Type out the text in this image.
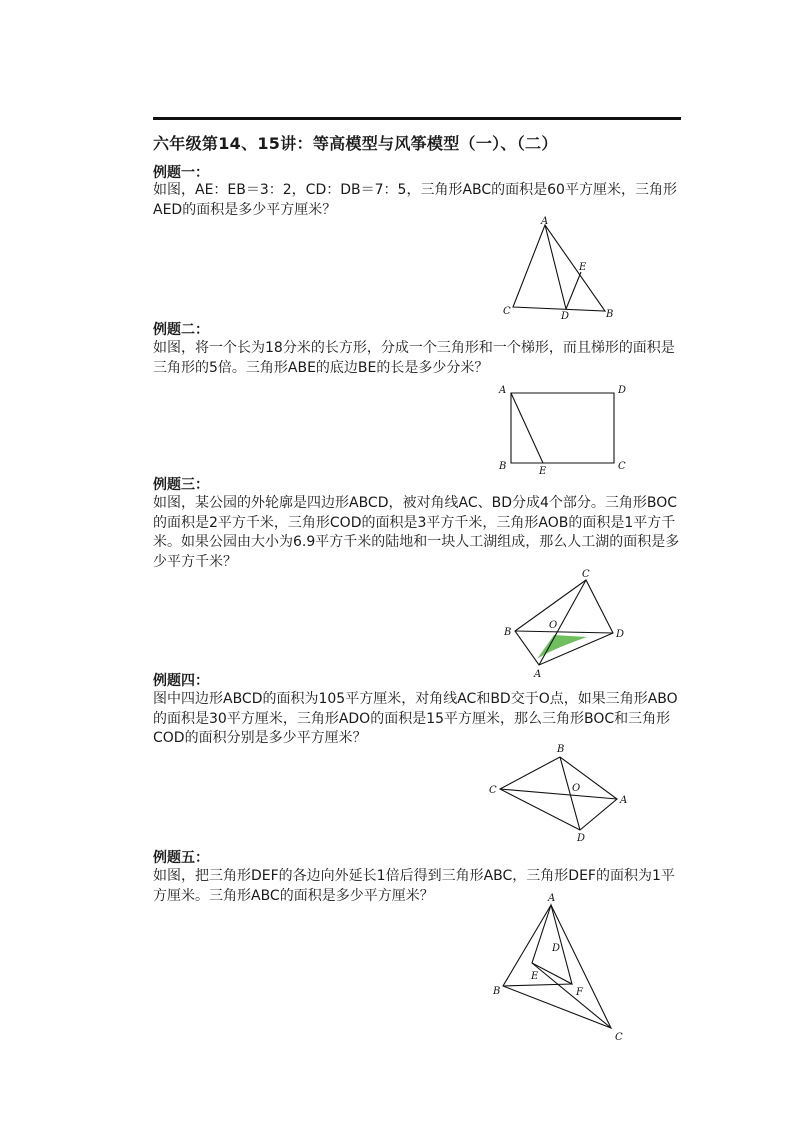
六年级第14、15讲：等高模型与风筝模型（一）、（二）
例题一：
如图，AE：EB＝3：2，CD：DB＝7：5，三角形ABC的面积是60平方厘米，三角形
AED的面积是多少平方厘米？
A
E
C	D	B
例题二：
如图，将一个长为18分米的长方形，分成一个三角形和一个梯形，而且梯形的面积是
三角形的5倍。三角形ABE的底边BE的长是多少分米？
A	D
B	E	C
例题三：
如图，某公园的外轮廓是四边形ABCD，被对角线AC、BD分成4个部分。三角形BOC
的面积是2平方千米，三角形COD的面积是3平方千米，三角形AOB的面积是1平方千
米。如果公园由大小为6.9平方千米的陆地和一块人工湖组成，那么人工湖的面积是多
少平方千米？
C
B
O
D
A
例题四：
图中四边形ABCD的面积为105平方厘米，对角线AC和BD交于O点，如果三角形ABO
的面积是30平方厘米，三角形ADO的面积是15平方厘米，那么三角形BOC和三角形
COD的面积分别是多少平方厘米？
B
C	O
A
D
例题五：
如图，把三角形DEF的各边向外延长1倍后得到三角形ABC，三角形DEF的面积为1平
方厘米。三角形ABC的面积是多少平方厘米？	A
D
E
B	F
C
